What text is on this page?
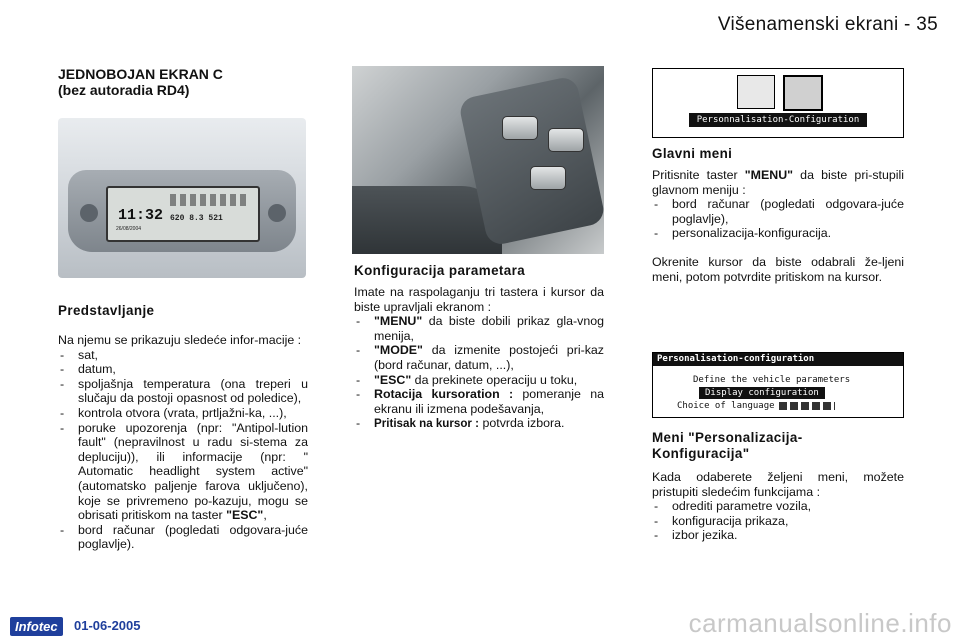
Višenamenski ekrani - 35
JEDNOBOJAN EKRAN C
(bez autoradia RD4)
11:32
26/08/2004
620 8.3 521
Predstavljanje

Na njemu se prikazuju sledeće infor-macije :

- sat,
- datum,
- spoljašnja temperatura (ona treperi u slučaju da postoji opasnost od poledice),
- kontrola otvora (vrata, prtljažni-ka, ...),
- poruke upozorenja (npr: "Antipol-lution fault" (nepravilnost u radu si-stema za depluciju)), ili informacije (npr: " Automatic headlight system active" (automatsko paljenje farova uključeno), koje se privremeno po-kazuju, mogu se obrisati pritiskom na taster "ESC",
- bord računar (pogledati odgovara-juće poglavlje).
Konfiguracija parametara

Imate na raspolaganju tri tastera i kursor da biste upravljali ekranom :

- "MENU" da biste dobili prikaz gla-vnog menija,
- "MODE" da izmenite postojeći pri-kaz (bord računar, datum, ...),
- "ESC" da prekinete operaciju u toku,
- Rotacija kursoration : pomeranje na ekranu ili izmena podešavanja,
- Pritisak na kursor : potvrda izbora.
Personnalisation-Configuration
Glavni meni

Pritisnite taster "MENU" da biste pri-stupili glavnom meniju :

- bord računar (pogledati odgovara-juće poglavlje),
- personalizacija-konfiguracija.

Okrenite kursor da biste odabrali že-ljeni meni, potom potvrdite pritiskom na kursor.

Personalisation-configuration
Define the vehicle parameters
Display configuration
Choice of language
Meni "Personalizacija-
Konfiguracija"

Kada odaberete željeni meni, možete pristupiti sledećim funkcijama :

- odrediti parametre vozila,
- konfiguracija prikaza,
- izbor jezika.
Infotec	01-06-2005	carmanualsonline.info
